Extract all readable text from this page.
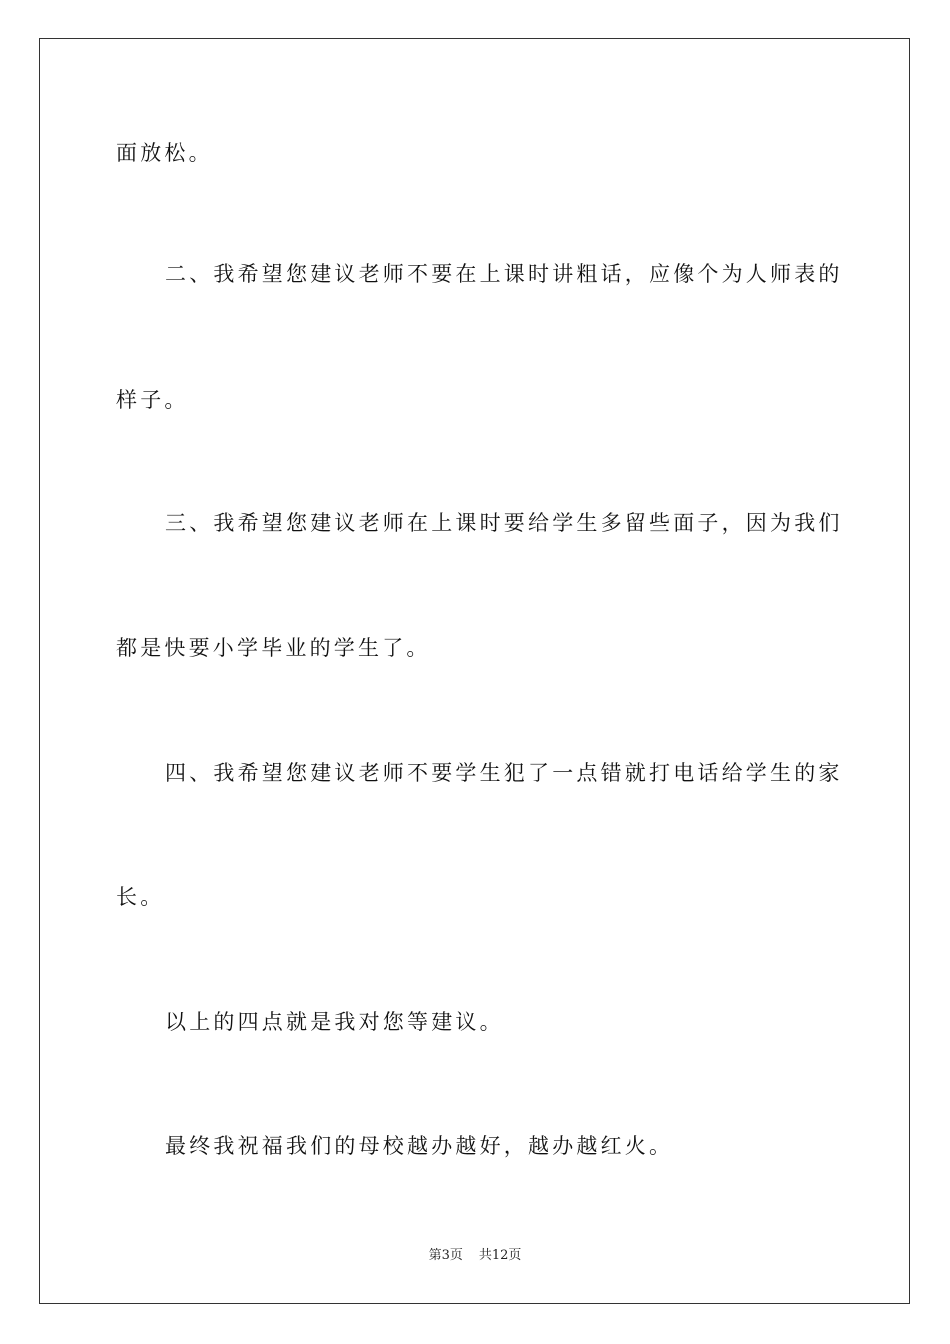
面放松。
二、我希望您建议老师不要在上课时讲粗话，应像个为人师表的
样子。
三、我希望您建议老师在上课时要给学生多留些面子，因为我们
都是快要小学毕业的学生了。
四、我希望您建议老师不要学生犯了一点错就打电话给学生的家
长。
以上的四点就是我对您等建议。
最终我祝福我们的母校越办越好，越办越红火。
第3页 共12页
